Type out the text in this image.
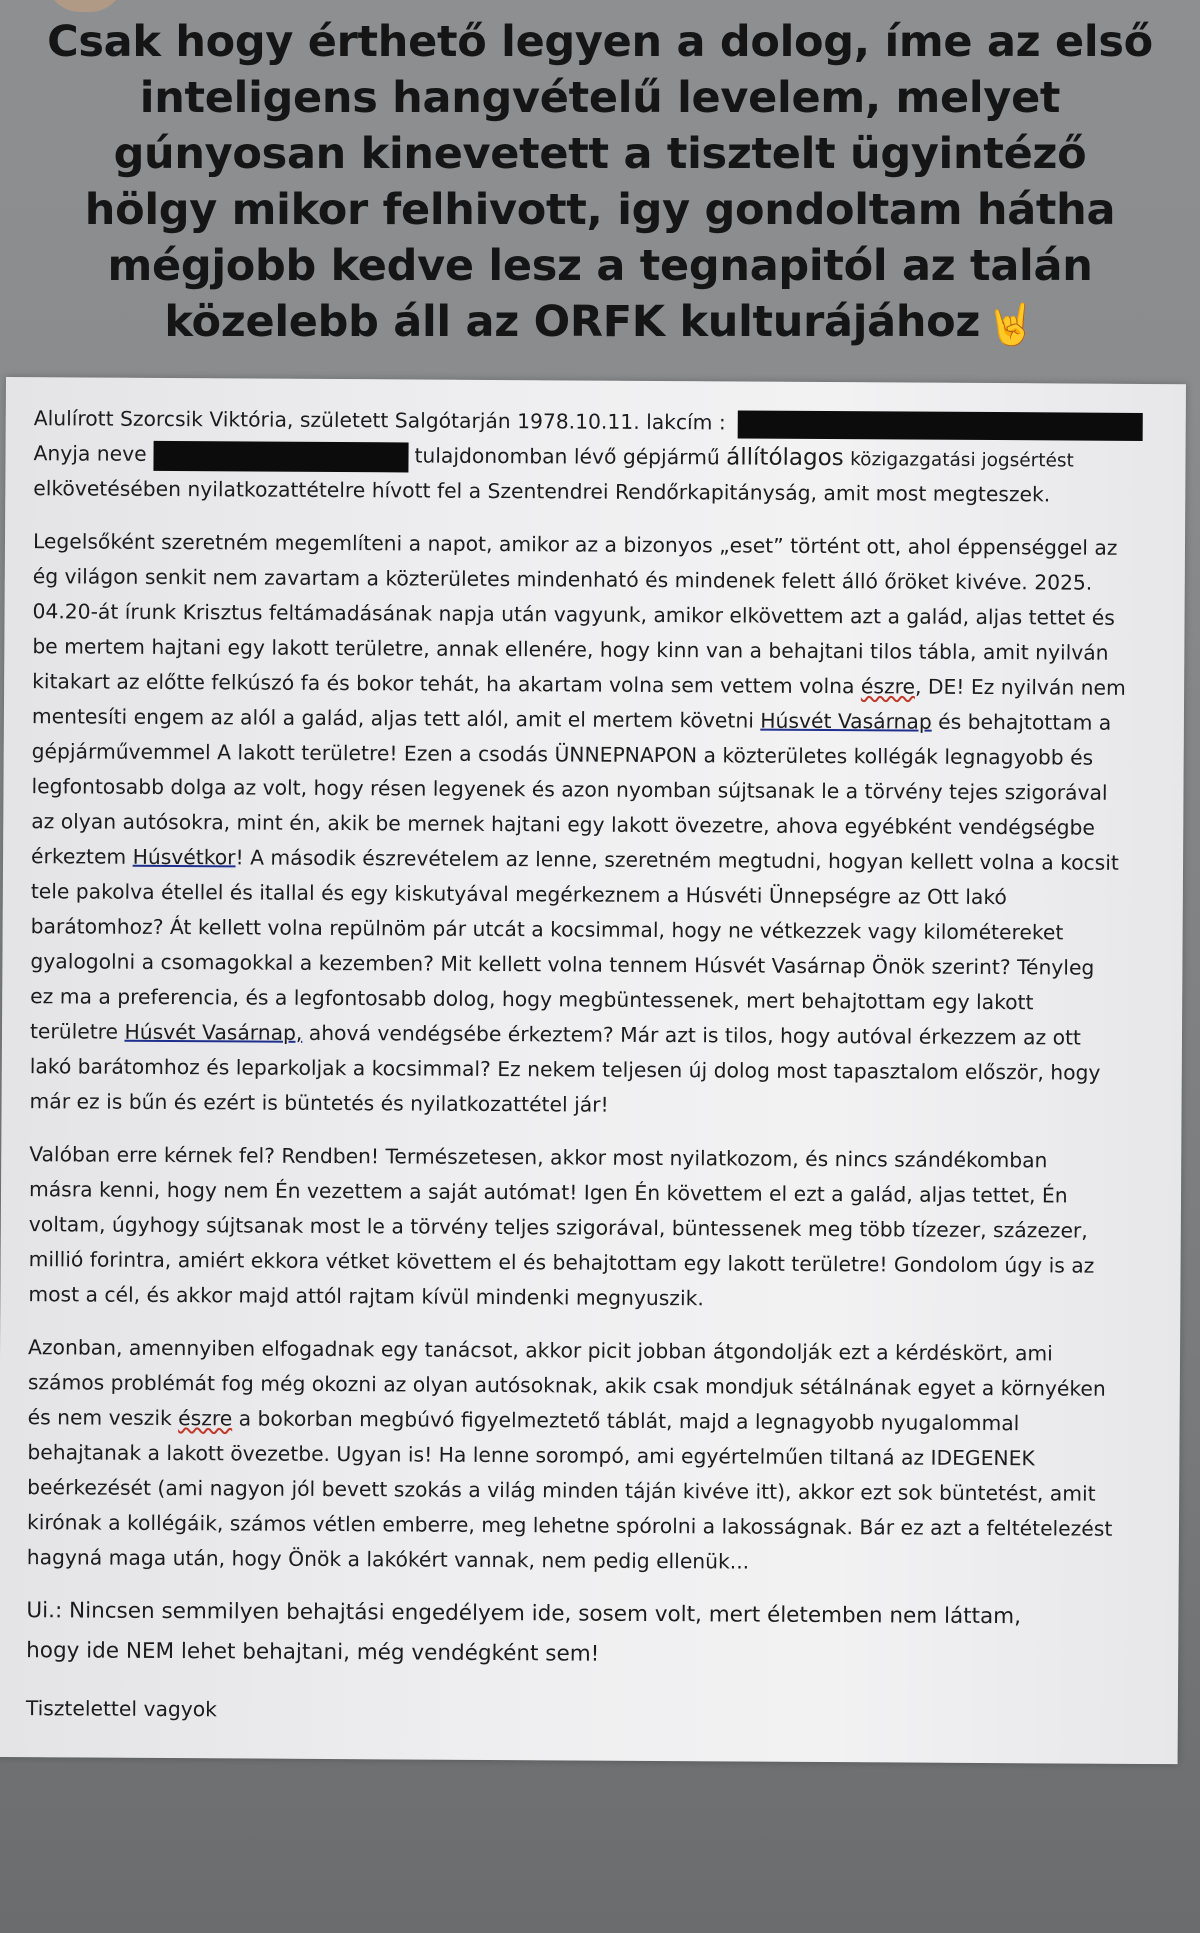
Csak hogy érthető legyen a dolog, íme az első
inteligens hangvételű levelem, melyet
gúnyosan kinevetett a tisztelt ügyintéző
hölgy mikor felhivott, igy gondoltam hátha
mégjobb kedve lesz a tegnapitól az talán
közelebb áll az ORFK kulturájához 🤘
Alulírott Szorcsik Viktória, született Salgótarján 1978.10.11. lakcím :
Anyja neve	tulajdonomban lévő gépjármű állítólagos közigazgatási jogsértést
elkövetésében nyilatkozattételre hívott fel a Szentendrei Rendőrkapitányság, amit most megteszek.
Legelsőként szeretném megemlíteni a napot, amikor az a bizonyos „eset” történt ott, ahol éppenséggel az
ég világon senkit nem zavartam a közterületes mindenható és mindenek felett álló őröket kivéve. 2025.
04.20-át írunk Krisztus feltámadásának napja után vagyunk, amikor elkövettem azt a galád, aljas tettet és
be mertem hajtani egy lakott területre, annak ellenére, hogy kinn van a behajtani tilos tábla, amit nyilván
kitakart az előtte felkúszó fa és bokor tehát, ha akartam volna sem vettem volna észre, DE! Ez nyilván nem
mentesíti engem az alól a galád, aljas tett alól, amit el mertem követni Húsvét Vasárnap és behajtottam a
gépjárművemmel A lakott területre! Ezen a csodás ÜNNEPNAPON a közterületes kollégák legnagyobb és
legfontosabb dolga az volt, hogy résen legyenek és azon nyomban sújtsanak le a törvény tejes szigorával
az olyan autósokra, mint én, akik be mernek hajtani egy lakott övezetre, ahova egyébként vendégségbe
érkeztem Húsvétkor! A második észrevételem az lenne, szeretném megtudni, hogyan kellett volna a kocsit
tele pakolva étellel és itallal és egy kiskutyával megérkeznem a Húsvéti Ünnepségre az Ott lakó
barátomhoz? Át kellett volna repülnöm pár utcát a kocsimmal, hogy ne vétkezzek vagy kilométereket
gyalogolni a csomagokkal a kezemben? Mit kellett volna tennem Húsvét Vasárnap Önök szerint? Tényleg
ez ma a preferencia, és a legfontosabb dolog, hogy megbüntessenek, mert behajtottam egy lakott
területre Húsvét Vasárnap, ahová vendégsébe érkeztem? Már azt is tilos, hogy autóval érkezzem az ott
lakó barátomhoz és leparkoljak a kocsimmal? Ez nekem teljesen új dolog most tapasztalom először, hogy
már ez is bűn és ezért is büntetés és nyilatkozattétel jár!
Valóban erre kérnek fel? Rendben! Természetesen, akkor most nyilatkozom, és nincs szándékomban
másra kenni, hogy nem Én vezettem a saját autómat! Igen Én követtem el ezt a galád, aljas tettet, Én
voltam, úgyhogy sújtsanak most le a törvény teljes szigorával, büntessenek meg több tízezer, százezer,
millió forintra, amiért ekkora vétket követtem el és behajtottam egy lakott területre! Gondolom úgy is az
most a cél, és akkor majd attól rajtam kívül mindenki megnyuszik.
Azonban, amennyiben elfogadnak egy tanácsot, akkor picit jobban átgondolják ezt a kérdéskört, ami
számos problémát fog még okozni az olyan autósoknak, akik csak mondjuk sétálnának egyet a környéken
és nem veszik észre a bokorban megbúvó figyelmeztető táblát, majd a legnagyobb nyugalommal
behajtanak a lakott övezetbe. Ugyan is! Ha lenne sorompó, ami egyértelműen tiltaná az IDEGENEK
beérkezését (ami nagyon jól bevett szokás a világ minden táján kivéve itt), akkor ezt sok büntetést, amit
kirónak a kollégáik, számos vétlen emberre, meg lehetne spórolni a lakosságnak. Bár ez azt a feltételezést
hagyná maga után, hogy Önök a lakókért vannak, nem pedig ellenük...
Ui.: Nincsen semmilyen behajtási engedélyem ide, sosem volt, mert életemben nem láttam,
hogy ide NEM lehet behajtani, még vendégként sem!
Tisztelettel vagyok
